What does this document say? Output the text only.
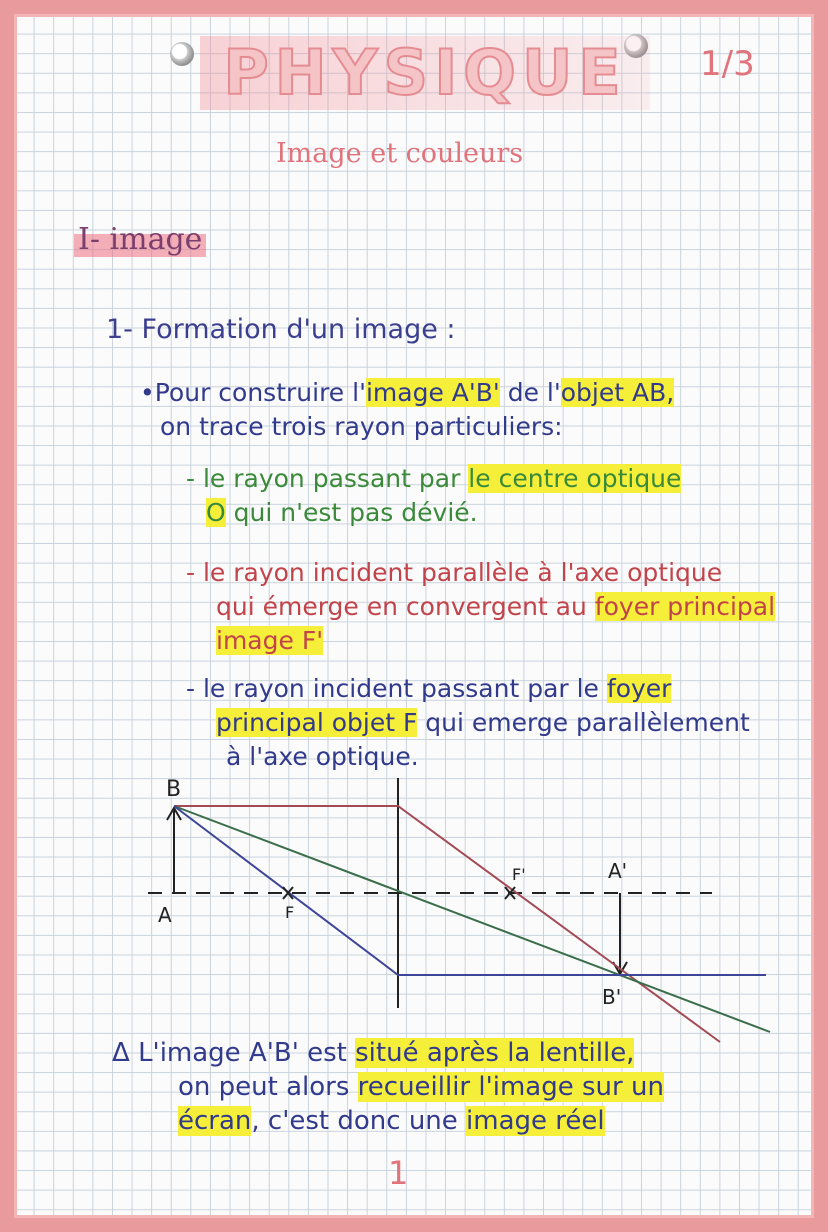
PHYSIQUE	1/3
Image et couleurs
I- image
1- Formation d'un image :
•Pour construire l'image A'B' de l'objet AB,
on trace trois rayon particuliers:
- le rayon passant par le centre optique
O qui n'est pas dévié.
- le rayon incident parallèle à l'axe optique
qui émerge en convergent au foyer principal
image F'
- le rayon incident passant par le foyer
principal objet F qui emerge parallèlement
à l'axe optique.
B
A	F
F'	A'
B'
Δ L'image A'B' est situé après la lentille,
on peut alors recueillir l'image sur un
écran, c'est donc une image réel
1
